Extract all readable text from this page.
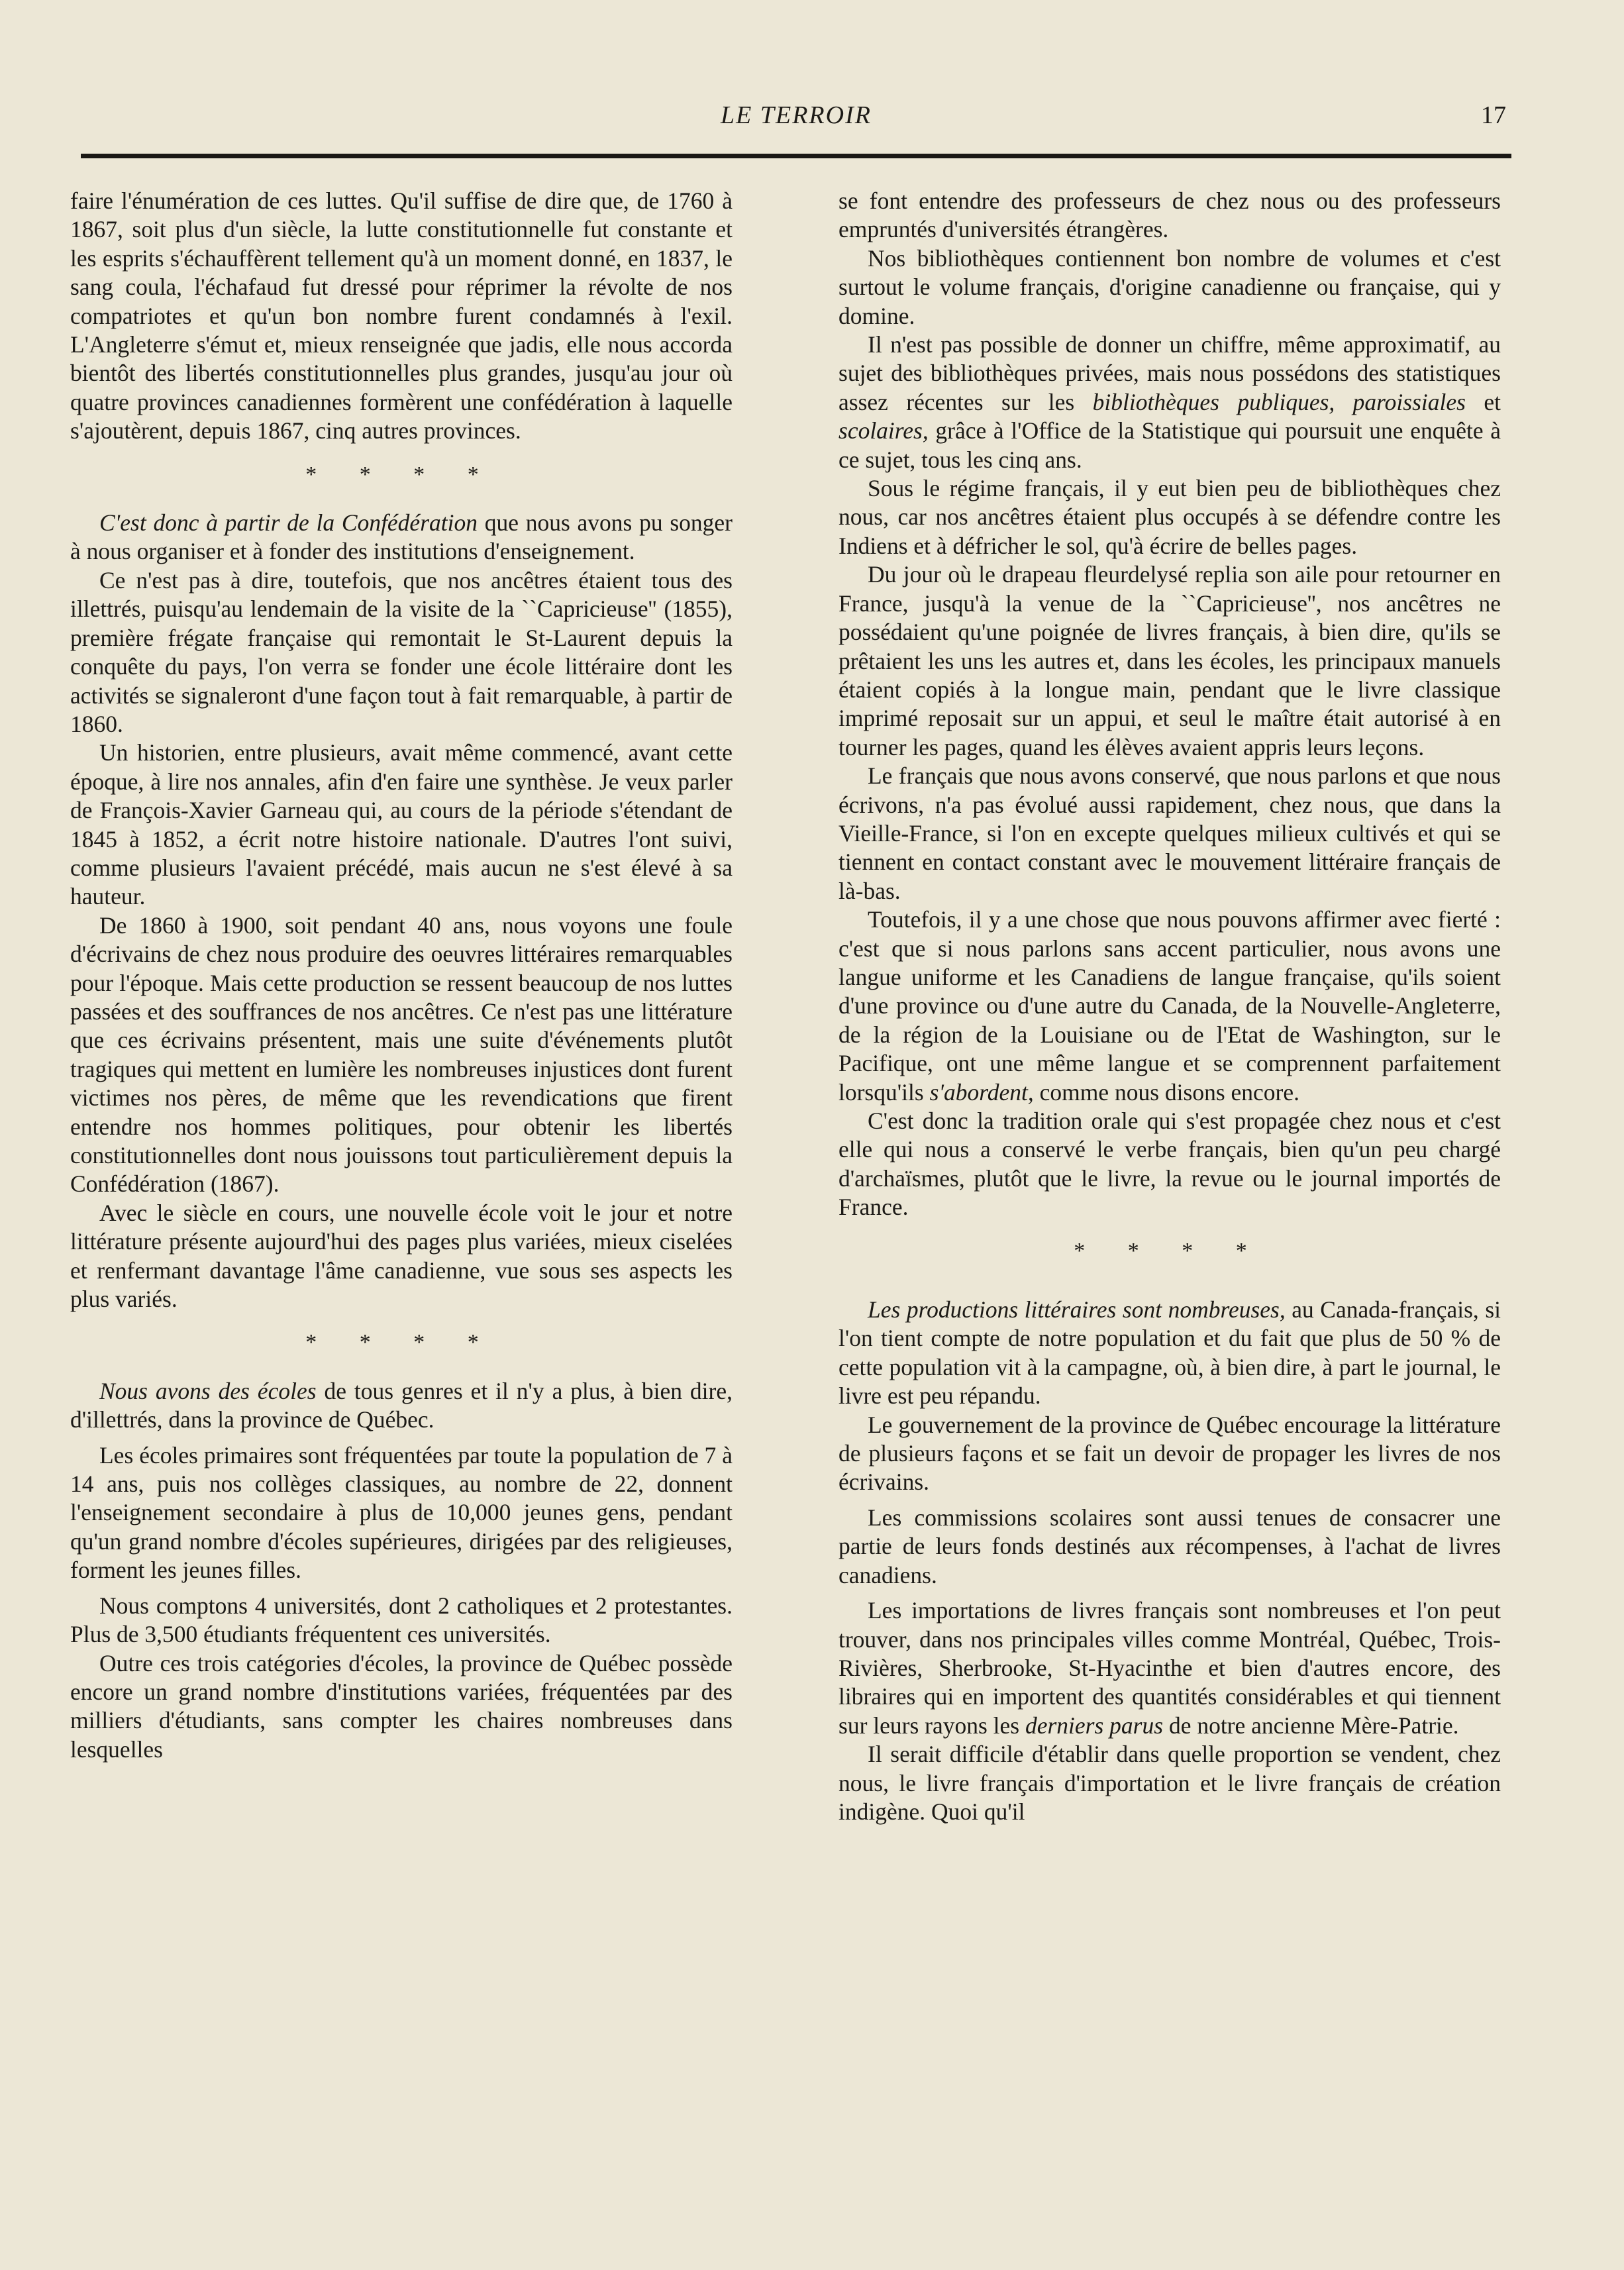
LE TERROIR	17

faire l'énumération de ces luttes. Qu'il suffise de dire que, de 1760 à 1867, soit plus d'un siècle, la lutte constitutionnelle fut constante et les esprits s'échauffèrent tellement qu'à un moment donné, en 1837, le sang coula, l'échafaud fut dressé pour réprimer la révolte de nos compatriotes et qu'un bon nombre furent condamnés à l'exil. L'Angleterre s'émut et, mieux renseignée que jadis, elle nous accorda bientôt des libertés constitutionnelles plus grandes, jusqu'au jour où quatre provinces canadiennes formèrent une confédération à laquelle s'ajoutèrent, depuis 1867, cinq autres provinces.

* * * *

C'est donc à partir de la Confédération que nous avons pu songer à nous organiser et à fonder des institutions d'enseignement.

Ce n'est pas à dire, toutefois, que nos ancêtres étaient tous des illettrés, puisqu'au lendemain de la visite de la ``Capricieuse'' (1855), première frégate française qui remontait le St-Laurent depuis la conquête du pays, l'on verra se fonder une école littéraire dont les activités se signaleront d'une façon tout à fait remarquable, à partir de 1860.

Un historien, entre plusieurs, avait même commencé, avant cette époque, à lire nos annales, afin d'en faire une synthèse. Je veux parler de François-Xavier Garneau qui, au cours de la période s'étendant de 1845 à 1852, a écrit notre histoire nationale. D'autres l'ont suivi, comme plusieurs l'avaient précédé, mais aucun ne s'est élevé à sa hauteur.

De 1860 à 1900, soit pendant 40 ans, nous voyons une foule d'écrivains de chez nous produire des oeuvres littéraires remarquables pour l'époque. Mais cette production se ressent beaucoup de nos luttes passées et des souffrances de nos ancêtres. Ce n'est pas une littérature que ces écrivains présentent, mais une suite d'événements plutôt tragiques qui mettent en lumière les nombreuses injustices dont furent victimes nos pères, de même que les revendications que firent entendre nos hommes politiques, pour obtenir les libertés constitutionnelles dont nous jouissons tout particulièrement depuis la Confédération (1867).

Avec le siècle en cours, une nouvelle école voit le jour et notre littérature présente aujourd'hui des pages plus variées, mieux ciselées et renfermant davantage l'âme canadienne, vue sous ses aspects les plus variés.

* * * *

Nous avons des écoles de tous genres et il n'y a plus, à bien dire, d'illettrés, dans la province de Québec.

Les écoles primaires sont fréquentées par toute la population de 7 à 14 ans, puis nos collèges classiques, au nombre de 22, donnent l'enseignement secondaire à plus de 10,000 jeunes gens, pendant qu'un grand nombre d'écoles supérieures, dirigées par des religieuses, forment les jeunes filles.

Nous comptons 4 universités, dont 2 catholiques et 2 protestantes. Plus de 3,500 étudiants fréquentent ces universités.

Outre ces trois catégories d'écoles, la province de Québec possède encore un grand nombre d'institutions variées, fréquentées par des milliers d'étudiants, sans compter les chaires nombreuses dans lesquelles

se font entendre des professeurs de chez nous ou des professeurs empruntés d'universités étrangères.

Nos bibliothèques contiennent bon nombre de volumes et c'est surtout le volume français, d'origine canadienne ou française, qui y domine.

Il n'est pas possible de donner un chiffre, même approximatif, au sujet des bibliothèques privées, mais nous possédons des statistiques assez récentes sur les bibliothèques publiques, paroissiales et scolaires, grâce à l'Office de la Statistique qui poursuit une enquête à ce sujet, tous les cinq ans.

Sous le régime français, il y eut bien peu de bibliothèques chez nous, car nos ancêtres étaient plus occupés à se défendre contre les Indiens et à défricher le sol, qu'à écrire de belles pages.

Du jour où le drapeau fleurdelysé replia son aile pour retourner en France, jusqu'à la venue de la ``Capricieuse'', nos ancêtres ne possédaient qu'une poignée de livres français, à bien dire, qu'ils se prêtaient les uns les autres et, dans les écoles, les principaux manuels étaient copiés à la longue main, pendant que le livre classique imprimé reposait sur un appui, et seul le maître était autorisé à en tourner les pages, quand les élèves avaient appris leurs leçons.

Le français que nous avons conservé, que nous parlons et que nous écrivons, n'a pas évolué aussi rapidement, chez nous, que dans la Vieille-France, si l'on en excepte quelques milieux cultivés et qui se tiennent en contact constant avec le mouvement littéraire français de là-bas.

Toutefois, il y a une chose que nous pouvons affirmer avec fierté : c'est que si nous parlons sans accent particulier, nous avons une langue uniforme et les Canadiens de langue française, qu'ils soient d'une province ou d'une autre du Canada, de la Nouvelle-Angleterre, de la région de la Louisiane ou de l'Etat de Washington, sur le Pacifique, ont une même langue et se comprennent parfaitement lorsqu'ils s'abordent, comme nous disons encore.

C'est donc la tradition orale qui s'est propagée chez nous et c'est elle qui nous a conservé le verbe français, bien qu'un peu chargé d'archaïsmes, plutôt que le livre, la revue ou le journal importés de France.

* * * *

Les productions littéraires sont nombreuses, au Canada-français, si l'on tient compte de notre population et du fait que plus de 50 % de cette population vit à la campagne, où, à bien dire, à part le journal, le livre est peu répandu.

Le gouvernement de la province de Québec encourage la littérature de plusieurs façons et se fait un devoir de propager les livres de nos écrivains.

Les commissions scolaires sont aussi tenues de consacrer une partie de leurs fonds destinés aux récompenses, à l'achat de livres canadiens.

Les importations de livres français sont nombreuses et l'on peut trouver, dans nos principales villes comme Montréal, Québec, Trois-Rivières, Sherbrooke, St-Hyacinthe et bien d'autres encore, des libraires qui en importent des quantités considérables et qui tiennent sur leurs rayons les derniers parus de notre ancienne Mère-Patrie.

Il serait difficile d'établir dans quelle proportion se vendent, chez nous, le livre français d'importation et le livre français de création indigène. Quoi qu'il
